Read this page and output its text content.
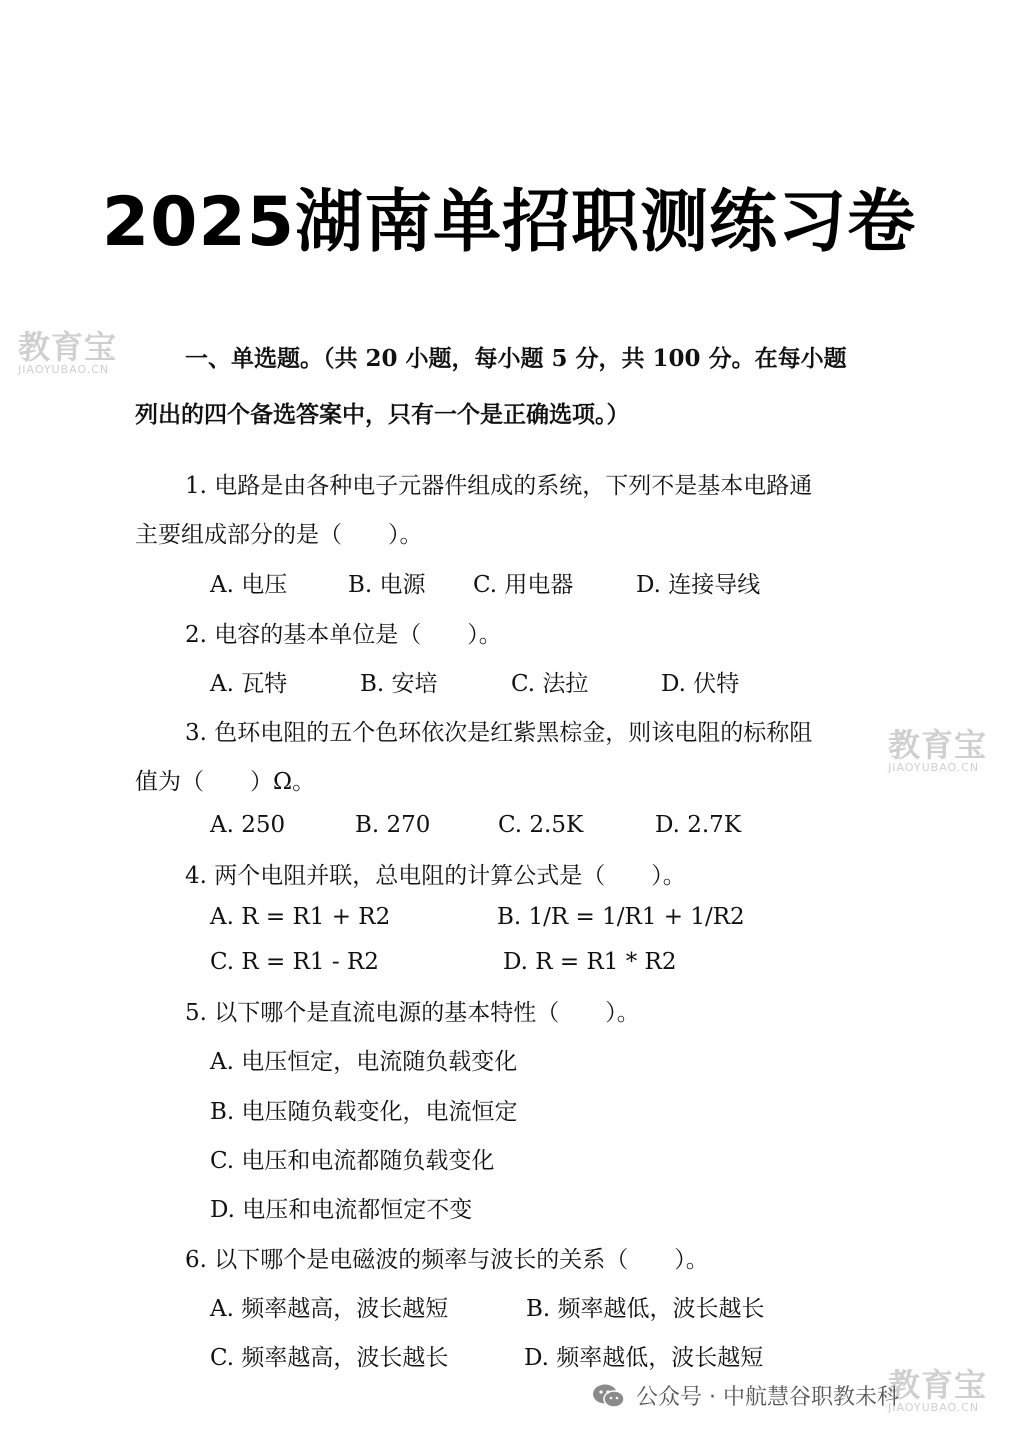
2025湖南单招职测练习卷
教育宝
JIAOYUBAO.CN
教育宝
JIAOYUBAO.CN
教育宝
JIAOYUBAO.CN
一、单选题。（共 20 小题，每小题 5 分，共 100 分。在每小题
列出的四个备选答案中，只有一个是正确选项。）
1. 电路是由各种电子元器件组成的系统，下列不是基本电路通
主要组成部分的是（　　）。
A. 电压	B. 电源 C. 用电器	D. 连接导线
2. 电容的基本单位是（　　）。
A. 瓦特	B. 安培	C. 法拉	D. 伏特
3. 色环电阻的五个色环依次是红紫黑棕金，则该电阻的标称阻
值为（　　）Ω。
A. 250	B. 270	C. 2.5K	D. 2.7K
4. 两个电阻并联，总电阻的计算公式是（　　）。
A. R = R1 + R2	B. 1/R = 1/R1 + 1/R2
C. R = R1 - R2	D. R = R1 * R2
5. 以下哪个是直流电源的基本特性（　　）。
A. 电压恒定，电流随负载变化
B. 电压随负载变化，电流恒定
C. 电压和电流都随负载变化
D. 电压和电流都恒定不变
6. 以下哪个是电磁波的频率与波长的关系（　　）。
A. 频率越高，波长越短	B. 频率越低，波长越长
C. 频率越高，波长越长	D. 频率越低，波长越短
公众号 · 中航慧谷职教未科
